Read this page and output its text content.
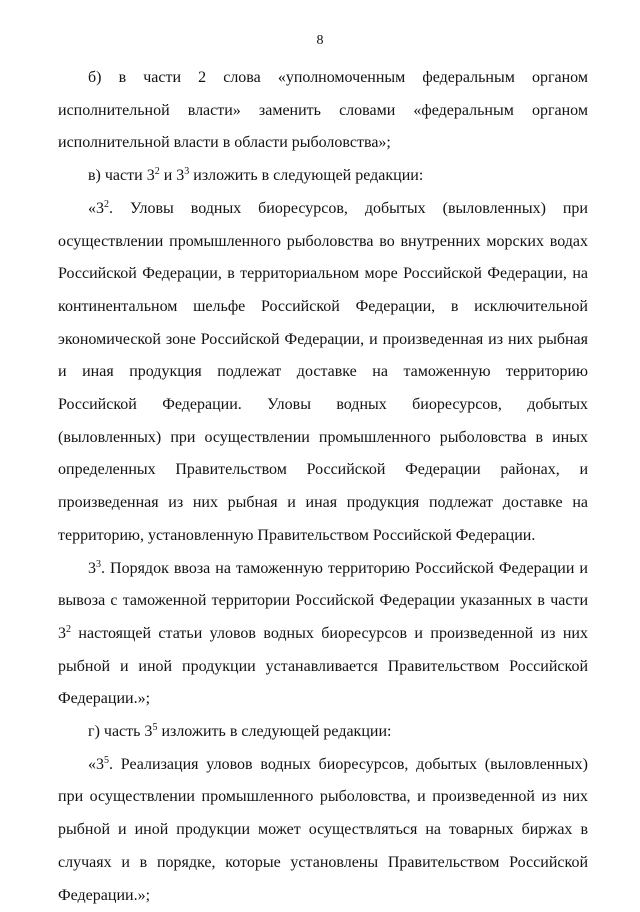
8

б) в части 2 слова «уполномоченным федеральным органом исполнительной власти» заменить словами «федеральным органом исполнительной власти в области рыболовства»;

в) части $3^2$ и $3^3$ изложить в следующей редакции:

«$3^2$. Уловы водных биоресурсов, добытых (выловленных) при осуществлении промышленного рыболовства во внутренних морских водах Российской Федерации, в территориальном море Российской Федерации, на континентальном шельфе Российской Федерации, в исключительной экономической зоне Российской Федерации, и произведенная из них рыбная и иная продукция подлежат доставке на таможенную территорию Российской Федерации. Уловы водных биоресурсов, добытых (выловленных) при осуществлении промышленного рыболовства в иных определенных Правительством Российской Федерации районах, и произведенная из них рыбная и иная продукция подлежат доставке на территорию, установленную Правительством Российской Федерации.

$3^3$. Порядок ввоза на таможенную территорию Российской Федерации и вывоза с таможенной территории Российской Федерации указанных в части $3^2$ настоящей статьи уловов водных биоресурсов и произведенной из них рыбной и иной продукции устанавливается Правительством Российской Федерации.»;

г) часть $3^5$ изложить в следующей редакции:

«$3^5$. Реализация уловов водных биоресурсов, добытых (выловленных) при осуществлении промышленного рыболовства, и произведенной из них рыбной и иной продукции может осуществляться на товарных биржах в случаях и в порядке, которые установлены Правительством Российской Федерации.»;
